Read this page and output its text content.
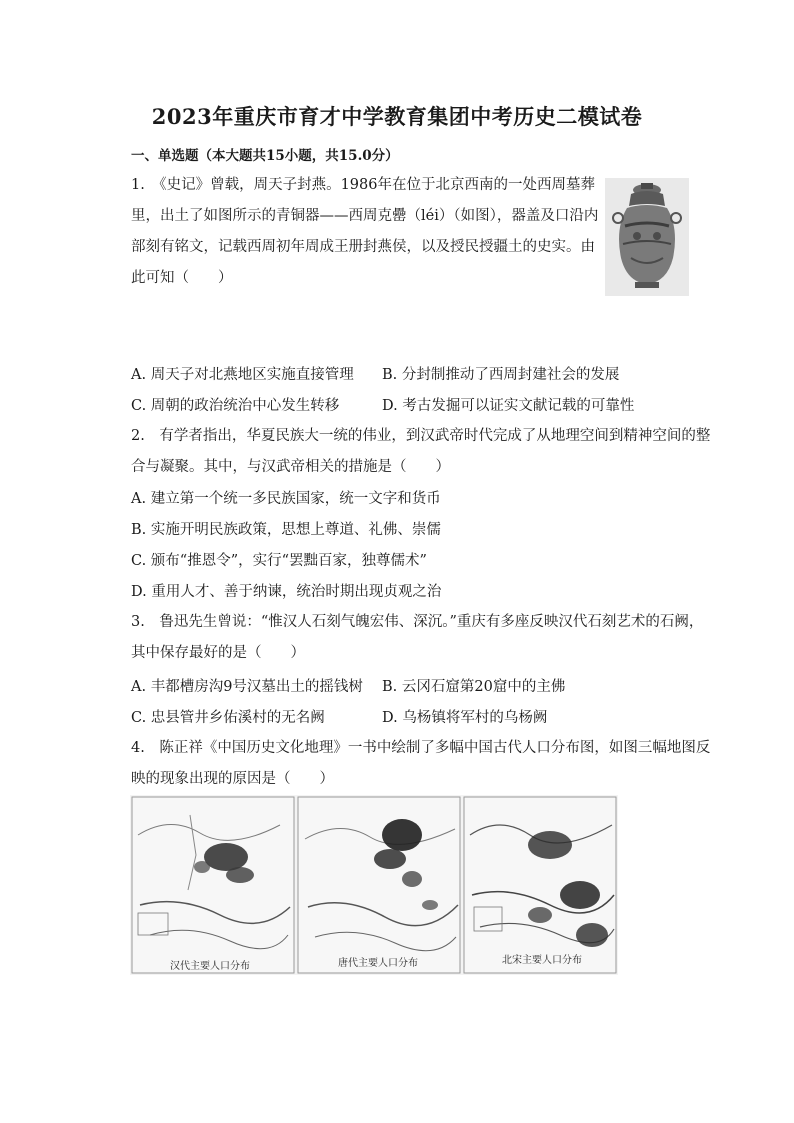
2023年重庆市育才中学教育集团中考历史二模试卷
一、单选题（本大题共15小题，共15.0分）
1.　《史记》曾载，周天子封燕。1986年在位于北京西南的一处西周墓葬
里，出土了如图所示的青铜器——西周克罍（léi）（如图），器盖及口沿内
部刻有铭文，记载西周初年周成王册封燕侯，以及授民授疆土的史实。由
此可知（　　）
A. 周天子对北燕地区实施直接管理 B. 分封制推动了西周封建社会的发展
C. 周朝的政治统治中心发生转移	D. 考古发掘可以证实文献记载的可靠性
2.　有学者指出，华夏民族大一统的伟业，到汉武帝时代完成了从地理空间到精神空间的整
合与凝聚。其中，与汉武帝相关的措施是（　　）
A. 建立第一个统一多民族国家，统一文字和货币
B. 实施开明民族政策，思想上尊道、礼佛、崇儒
C. 颁布“推恩令”，实行“罢黜百家，独尊儒术”
D. 重用人才、善于纳谏，统治时期出现贞观之治
3.　鲁迅先生曾说：“惟汉人石刻气魄宏伟、深沉。”重庆有多座反映汉代石刻艺术的石阙，
其中保存最好的是（　　）
A. 丰都槽房沟9号汉墓出土的摇钱树 B. 云冈石窟第20窟中的主佛
C. 忠县管井乡佑溪村的无名阙	D. 乌杨镇将军村的乌杨阙
4.　陈正祥《中国历史文化地理》一书中绘制了多幅中国古代人口分布图，如图三幅地图反
映的现象出现的原因是（　　）
汉代主要人口分布	唐代主要人口分布	北宋主要人口分布
